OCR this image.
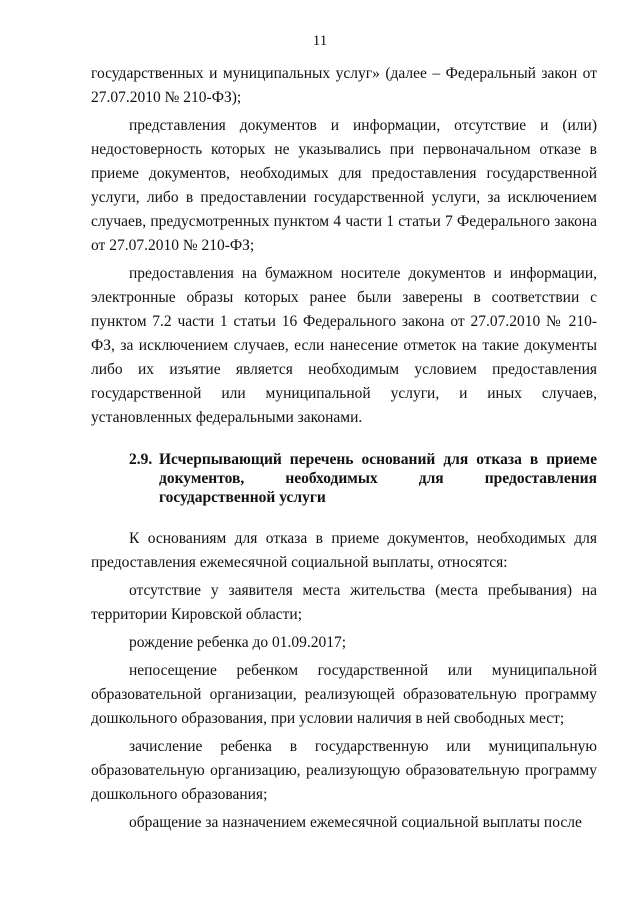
11

государственных и муниципальных услуг» (далее – Федеральный закон от 27.07.2010 № 210-ФЗ);

представления документов и информации, отсутствие и (или) недостоверность которых не указывались при первоначальном отказе в приеме документов, необходимых для предоставления государственной услуги, либо в предоставлении государственной услуги, за исключением случаев, предусмотренных пунктом 4 части 1 статьи 7 Федерального закона от 27.07.2010 № 210-ФЗ;

предоставления на бумажном носителе документов и информации, электронные образы которых ранее были заверены в соответствии с пунктом 7.2 части 1 статьи 16 Федерального закона от 27.07.2010 № 210-ФЗ, за исключением случаев, если нанесение отметок на такие документы либо их изъятие является необходимым условием предоставления государственной или муниципальной услуги, и иных случаев, установленных федеральными законами.

2.9. Исчерпывающий перечень оснований для отказа в приеме документов, необходимых для предоставления государственной услуги

К основаниям для отказа в приеме документов, необходимых для предоставления ежемесячной социальной выплаты, относятся:

отсутствие у заявителя места жительства (места пребывания) на территории Кировской области;

рождение ребенка до 01.09.2017;

непосещение ребенком государственной или муниципальной образовательной организации, реализующей образовательную программу дошкольного образования, при условии наличия в ней свободных мест;

зачисление ребенка в государственную или муниципальную образовательную организацию, реализующую образовательную программу дошкольного образования;

обращение за назначением ежемесячной социальной выплаты после
